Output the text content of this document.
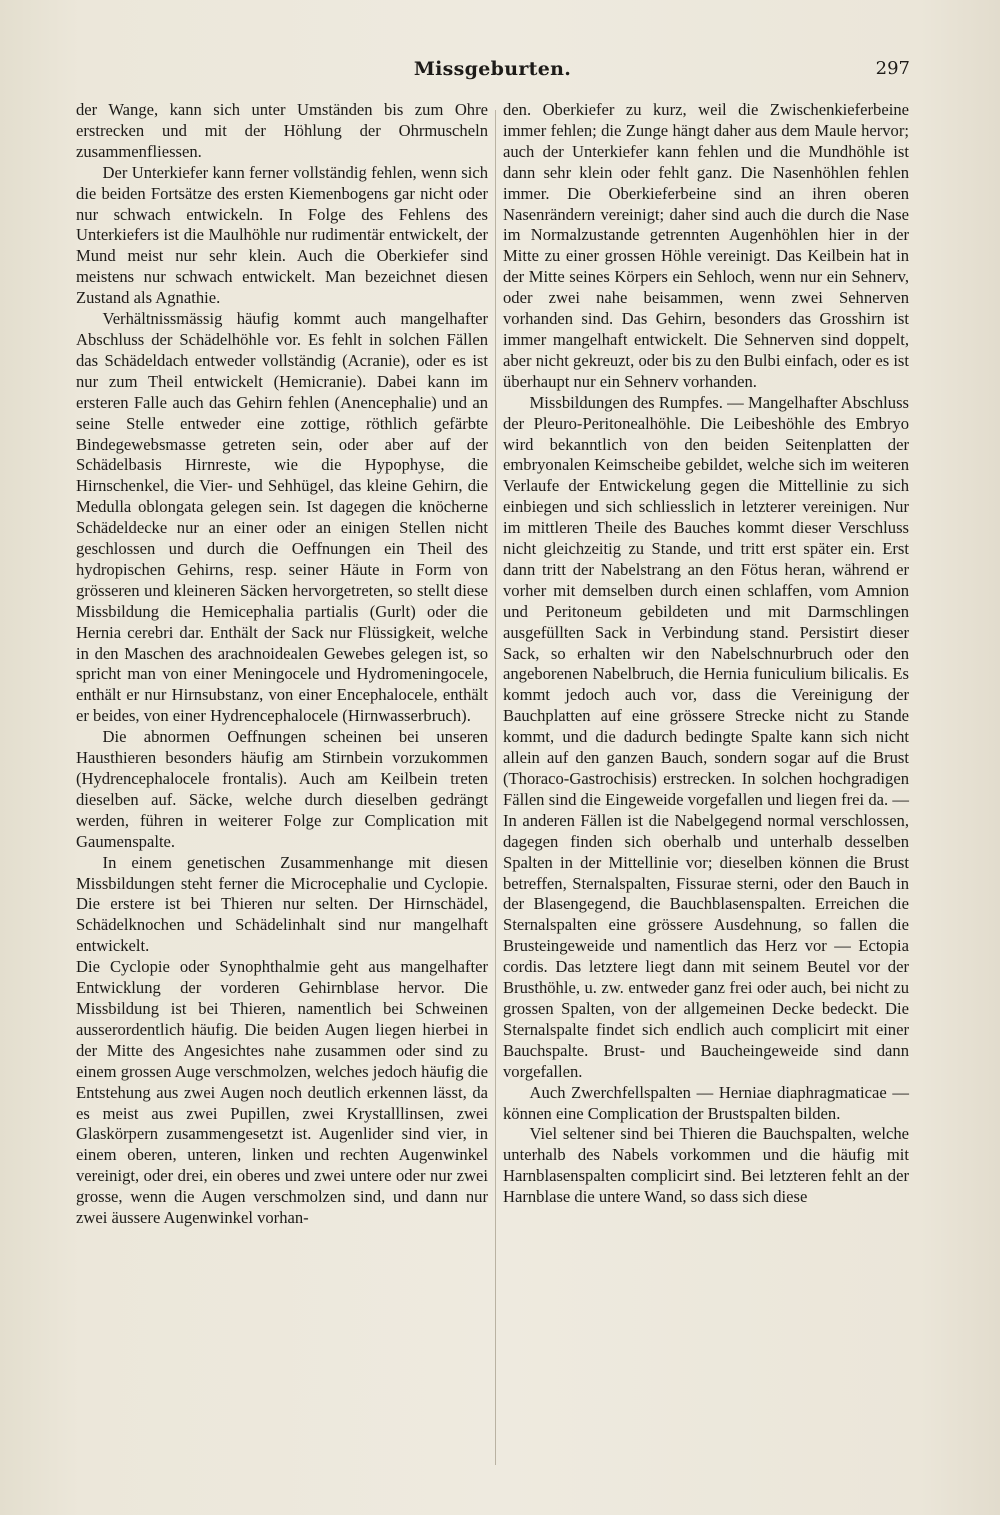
Missgeburten.	297

der Wange, kann sich unter Umständen bis zum Ohre erstrecken und mit der Höhlung der Ohrmuscheln zusammenfliessen.

Der Unterkiefer kann ferner vollständig fehlen, wenn sich die beiden Fortsätze des ersten Kiemenbogens gar nicht oder nur schwach entwickeln. In Folge des Fehlens des Unterkiefers ist die Maulhöhle nur rudimentär entwickelt, der Mund meist nur sehr klein. Auch die Oberkiefer sind meistens nur schwach entwickelt. Man bezeichnet diesen Zustand als Agnathie.

Verhältnissmässig häufig kommt auch mangelhafter Abschluss der Schädelhöhle vor. Es fehlt in solchen Fällen das Schädeldach entweder vollständig (Acranie), oder es ist nur zum Theil entwickelt (Hemicranie). Dabei kann im ersteren Falle auch das Gehirn fehlen (Anencephalie) und an seine Stelle entweder eine zottige, röthlich gefärbte Bindegewebsmasse getreten sein, oder aber auf der Schädelbasis Hirnreste, wie die Hypophyse, die Hirnschenkel, die Vier- und Sehhügel, das kleine Gehirn, die Medulla oblongata gelegen sein. Ist dagegen die knöcherne Schädeldecke nur an einer oder an einigen Stellen nicht geschlossen und durch die Oeffnungen ein Theil des hydropischen Gehirns, resp. seiner Häute in Form von grösseren und kleineren Säcken hervorgetreten, so stellt diese Missbildung die Hemicephalia partialis (Gurlt) oder die Hernia cerebri dar. Enthält der Sack nur Flüssigkeit, welche in den Maschen des arachnoidealen Gewebes gelegen ist, so spricht man von einer Meningocele und Hydromeningocele, enthält er nur Hirnsubstanz, von einer Encephalocele, enthält er beides, von einer Hydrencephalocele (Hirnwasserbruch).

Die abnormen Oeffnungen scheinen bei unseren Hausthieren besonders häufig am Stirnbein vorzukommen (Hydrencephalocele frontalis). Auch am Keilbein treten dieselben auf. Säcke, welche durch dieselben gedrängt werden, führen in weiterer Folge zur Complication mit Gaumenspalte.

In einem genetischen Zusammenhange mit diesen Missbildungen steht ferner die Microcephalie und Cyclopie. Die erstere ist bei Thieren nur selten. Der Hirnschädel, Schädelknochen und Schädelinhalt sind nur mangelhaft entwickelt.

Die Cyclopie oder Synophthalmie geht aus mangelhafter Entwicklung der vorderen Gehirnblase hervor. Die Missbildung ist bei Thieren, namentlich bei Schweinen ausserordentlich häufig. Die beiden Augen liegen hierbei in der Mitte des Angesichtes nahe zusammen oder sind zu einem grossen Auge verschmolzen, welches jedoch häufig die Entstehung aus zwei Augen noch deutlich erkennen lässt, da es meist aus zwei Pupillen, zwei Krystalllinsen, zwei Glaskörpern zusammengesetzt ist. Augenlider sind vier, in einem oberen, unteren, linken und rechten Augenwinkel vereinigt, oder drei, ein oberes und zwei untere oder nur zwei grosse, wenn die Augen verschmolzen sind, und dann nur zwei äussere Augenwinkel vorhan-

den. Oberkiefer zu kurz, weil die Zwischenkieferbeine immer fehlen; die Zunge hängt daher aus dem Maule hervor; auch der Unterkiefer kann fehlen und die Mundhöhle ist dann sehr klein oder fehlt ganz. Die Nasenhöhlen fehlen immer. Die Oberkieferbeine sind an ihren oberen Nasenrändern vereinigt; daher sind auch die durch die Nase im Normalzustande getrennten Augenhöhlen hier in der Mitte zu einer grossen Höhle vereinigt. Das Keilbein hat in der Mitte seines Körpers ein Sehloch, wenn nur ein Sehnerv, oder zwei nahe beisammen, wenn zwei Sehnerven vorhanden sind. Das Gehirn, besonders das Grosshirn ist immer mangelhaft entwickelt. Die Sehnerven sind doppelt, aber nicht gekreuzt, oder bis zu den Bulbi einfach, oder es ist überhaupt nur ein Sehnerv vorhanden.

Missbildungen des Rumpfes. — Mangelhafter Abschluss der Pleuro-Peritonealhöhle. Die Leibeshöhle des Embryo wird bekanntlich von den beiden Seitenplatten der embryonalen Keimscheibe gebildet, welche sich im weiteren Verlaufe der Entwickelung gegen die Mittellinie zu sich einbiegen und sich schliesslich in letzterer vereinigen. Nur im mittleren Theile des Bauches kommt dieser Verschluss nicht gleichzeitig zu Stande, und tritt erst später ein. Erst dann tritt der Nabelstrang an den Fötus heran, während er vorher mit demselben durch einen schlaffen, vom Amnion und Peritoneum gebildeten und mit Darmschlingen ausgefüllten Sack in Verbindung stand. Persistirt dieser Sack, so erhalten wir den Nabelschnurbruch oder den angeborenen Nabelbruch, die Hernia funiculium bilicalis. Es kommt jedoch auch vor, dass die Vereinigung der Bauchplatten auf eine grössere Strecke nicht zu Stande kommt, und die dadurch bedingte Spalte kann sich nicht allein auf den ganzen Bauch, sondern sogar auf die Brust (Thoraco-Gastrochisis) erstrecken. In solchen hochgradigen Fällen sind die Eingeweide vorgefallen und liegen frei da. — In anderen Fällen ist die Nabelgegend normal verschlossen, dagegen finden sich oberhalb und unterhalb desselben Spalten in der Mittellinie vor; dieselben können die Brust betreffen, Sternalspalten, Fissurae sterni, oder den Bauch in der Blasengegend, die Bauchblasenspalten. Erreichen die Sternalspalten eine grössere Ausdehnung, so fallen die Brusteingeweide und namentlich das Herz vor — Ectopia cordis. Das letztere liegt dann mit seinem Beutel vor der Brusthöhle, u. zw. entweder ganz frei oder auch, bei nicht zu grossen Spalten, von der allgemeinen Decke bedeckt. Die Sternalspalte findet sich endlich auch complicirt mit einer Bauchspalte. Brust- und Baucheingeweide sind dann vorgefallen.

Auch Zwerchfellspalten — Herniae diaphragmaticae — können eine Complication der Brustspalten bilden.

Viel seltener sind bei Thieren die Bauchspalten, welche unterhalb des Nabels vorkommen und die häufig mit Harnblasenspalten complicirt sind. Bei letzteren fehlt an der Harnblase die untere Wand, so dass sich diese
